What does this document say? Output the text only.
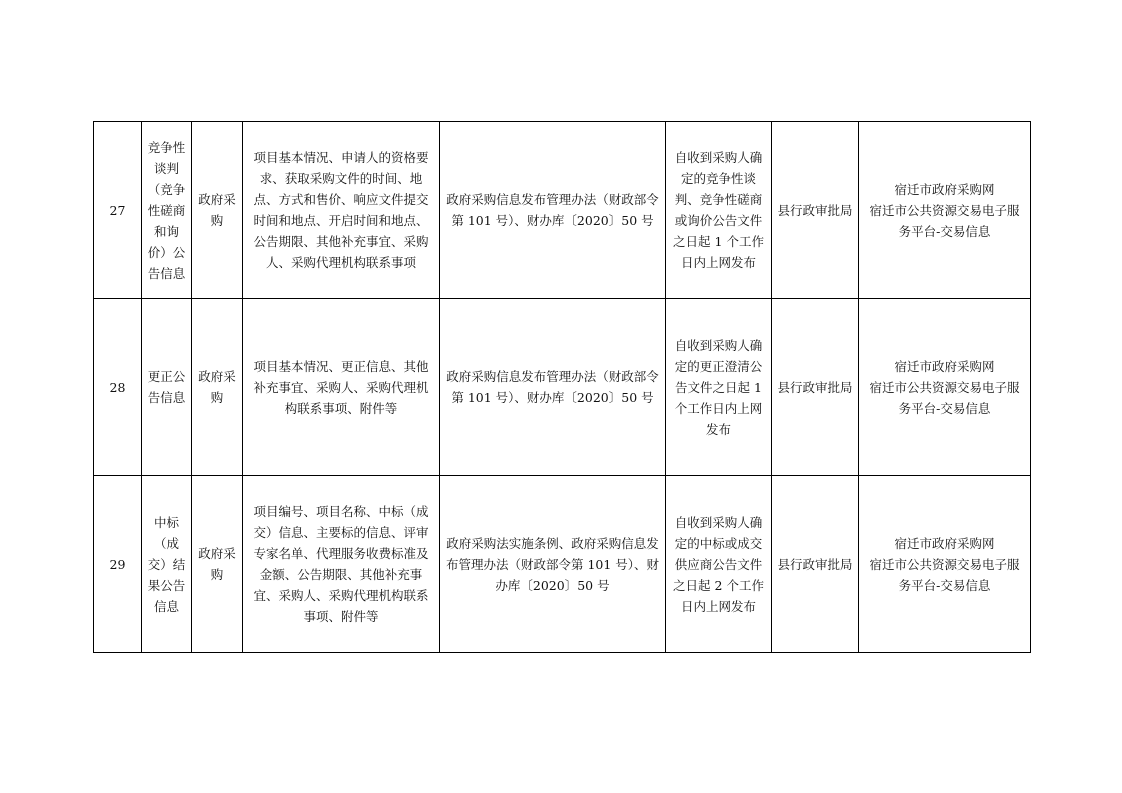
27	竞争性谈判（竞争性磋商和询价）公告信息	政府采购	项目基本情况、申请人的资格要求、获取采购文件的时间、地点、方式和售价、响应文件提交时间和地点、开启时间和地点、公告期限、其他补充事宜、采购人、采购代理机构联系事项	政府采购信息发布管理办法（财政部令第 101 号）、财办库〔2020〕50 号	自收到采购人确定的竞争性谈判、竞争性磋商或询价公告文件之日起 1 个工作日内上网发布	县行政审批局	宿迁市政府采购网
宿迁市公共资源交易电子服务平台-交易信息

28	更正公告信息	政府采购	项目基本情况、更正信息、其他补充事宜、采购人、采购代理机构联系事项、附件等	政府采购信息发布管理办法（财政部令第 101 号）、财办库〔2020〕50 号	自收到采购人确定的更正澄清公告文件之日起 1 个工作日内上网发布	县行政审批局	宿迁市政府采购网
宿迁市公共资源交易电子服务平台-交易信息

29	中标（成交）结果公告信息	政府采购	项目编号、项目名称、中标（成交）信息、主要标的信息、评审专家名单、代理服务收费标准及金额、公告期限、其他补充事宜、采购人、采购代理机构联系事项、附件等	政府采购法实施条例、政府采购信息发布管理办法（财政部令第 101 号）、财办库〔2020〕50 号	自收到采购人确定的中标或成交供应商公告文件之日起 2 个工作日内上网发布	县行政审批局	宿迁市政府采购网
宿迁市公共资源交易电子服务平台-交易信息
